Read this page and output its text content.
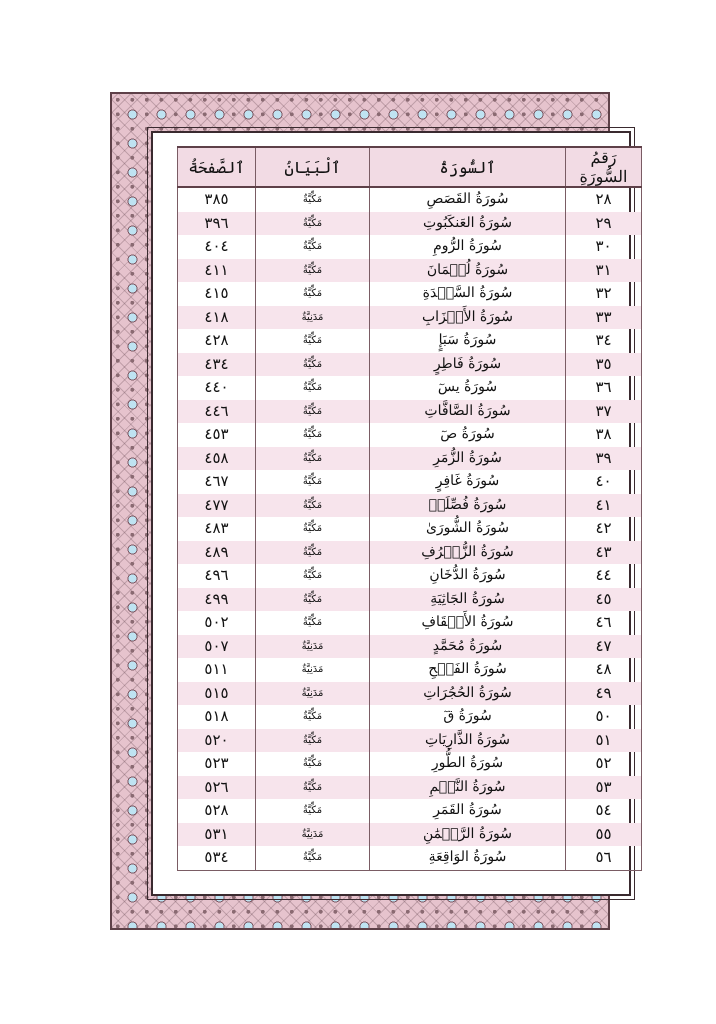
رَقمُ السُّورَةِ	ٱلسُّورَةُ	ٱلْبَيَانُ	ٱلصَّفحَةُ
٢٨	سُورَةُ القَصَصِ	مَكِّيَّةٌ	٣٨٥
٢٩	سُورَةُ العَنكَبُوتِ	مَكِّيَّةٌ	٣٩٦
٣٠	سُورَةُ الرُّومِ	مَكِّيَّةٌ	٤٠٤
٣١	سُورَةُ لُقۡمَانَ	مَكِّيَّةٌ	٤١١
٣٢	سُورَةُ السَّجۡدَةِ	مَكِّيَّةٌ	٤١٥
٣٣	سُورَةُ الأَحۡزَابِ	مَدَنِيَّةٌ	٤١٨
٣٤	سُورَةُ سَبَإٍ	مَكِّيَّةٌ	٤٢٨
٣٥	سُورَةُ فَاطِرٍ	مَكِّيَّةٌ	٤٣٤
٣٦	سُورَةُ يسٓ	مَكِّيَّةٌ	٤٤٠
٣٧	سُورَةُ الصَّافَّاتِ	مَكِّيَّةٌ	٤٤٦
٣٨	سُورَةُ صٓ	مَكِّيَّةٌ	٤٥٣
٣٩	سُورَةُ الزُّمَرِ	مَكِّيَّةٌ	٤٥٨
٤٠	سُورَةُ غَافِرٍ	مَكِّيَّةٌ	٤٦٧
٤١	سُورَةُ فُصِّلَتۡ	مَكِّيَّةٌ	٤٧٧
٤٢	سُورَةُ الشُّورَىٰ	مَكِّيَّةٌ	٤٨٣
٤٣	سُورَةُ الزُّخۡرُفِ	مَكِّيَّةٌ	٤٨٩
٤٤	سُورَةُ الدُّخَانِ	مَكِّيَّةٌ	٤٩٦
٤٥	سُورَةُ الجَاثِيَةِ	مَكِّيَّةٌ	٤٩٩
٤٦	سُورَةُ الأَحۡقَافِ	مَكِّيَّةٌ	٥٠٢
٤٧	سُورَةُ مُحَمَّدٍ	مَدَنِيَّةٌ	٥٠٧
٤٨	سُورَةُ الفَتۡحِ	مَدَنِيَّةٌ	٥١١
٤٩	سُورَةُ الحُجُرَاتِ	مَدَنِيَّةٌ	٥١٥
٥٠	سُورَةُ قٓ	مَكِّيَّةٌ	٥١٨
٥١	سُورَةُ الذَّارِيَاتِ	مَكِّيَّةٌ	٥٢٠
٥٢	سُورَةُ الطُّورِ	مَكِّيَّةٌ	٥٢٣
٥٣	سُورَةُ النَّجۡمِ	مَكِّيَّةٌ	٥٢٦
٥٤	سُورَةُ القَمَرِ	مَكِّيَّةٌ	٥٢٨
٥٥	سُورَةُ الرَّحۡمَٰنِ	مَدَنِيَّةٌ	٥٣١
٥٦	سُورَةُ الوَاقِعَةِ	مَكِّيَّةٌ	٥٣٤
